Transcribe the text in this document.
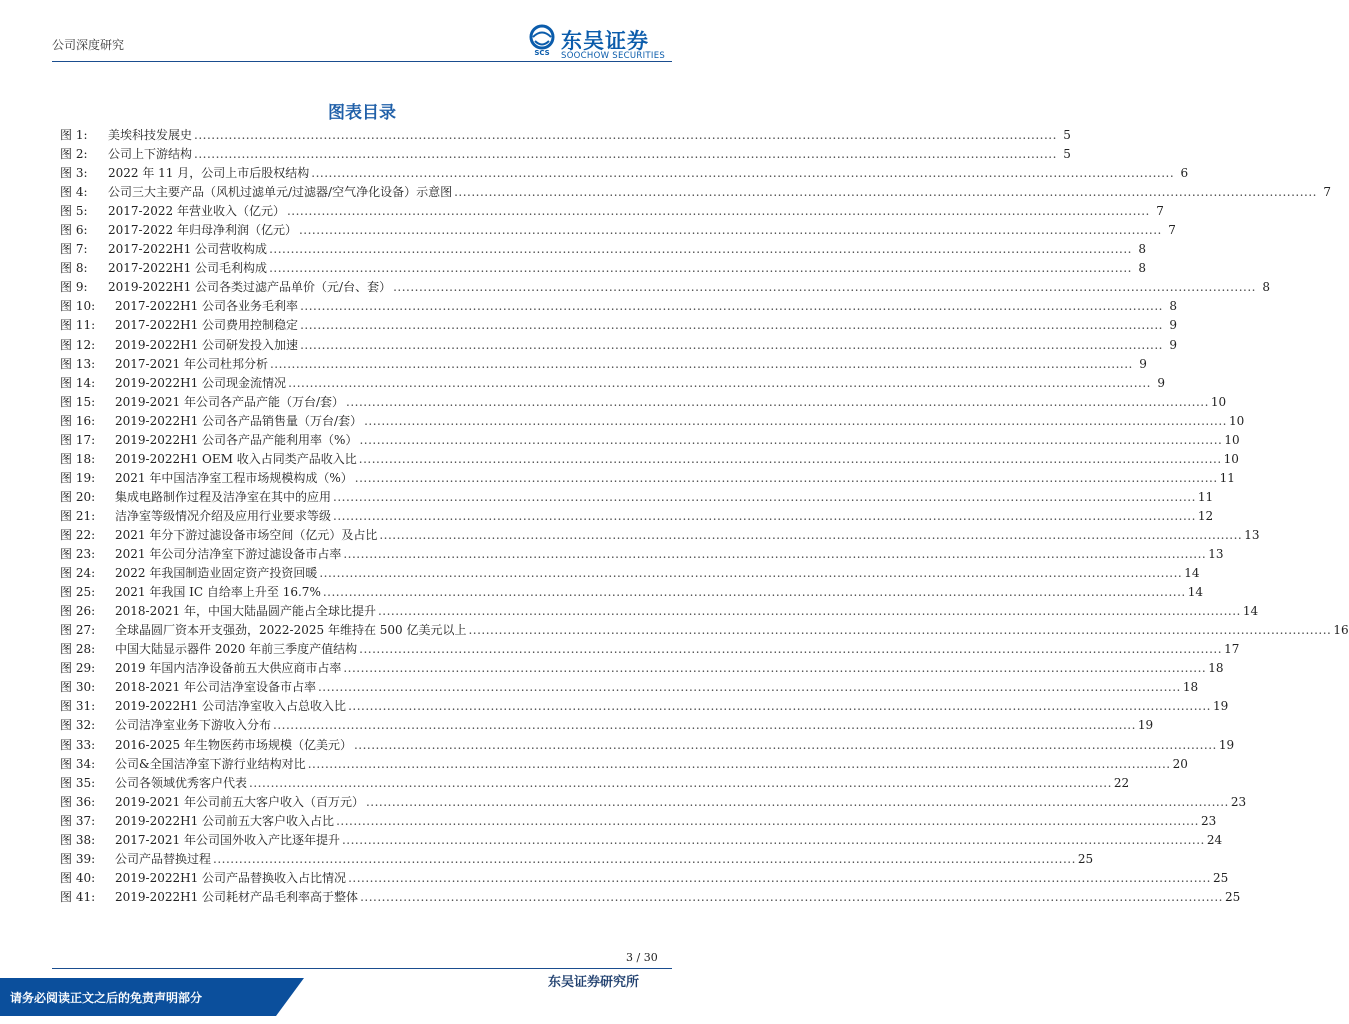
公司深度研究
SCS 东吴证券
SOOCHOW SECURITIES
图表目录
图 1: 美埃科技发展史 ........................................................................................................................................................................................................ 5
图 2: 公司上下游结构 ........................................................................................................................................................................................................ 5
图 3: 2022 年 11 月，公司上市后股权结构 ........................................................................................................................................................................................................ 6
图 4: 公司三大主要产品（风机过滤单元/过滤器/空气净化设备）示意图 ........................................................................................................................................................................................................ 7
图 5: 2017-2022 年营业收入（亿元） ........................................................................................................................................................................................................ 7
图 6: 2017-2022 年归母净利润（亿元） ........................................................................................................................................................................................................ 7
图 7: 2017-2022H1 公司营收构成 ........................................................................................................................................................................................................ 8
图 8: 2017-2022H1 公司毛利构成 ........................................................................................................................................................................................................ 8
图 9: 2019-2022H1 公司各类过滤产品单价（元/台、套） ........................................................................................................................................................................................................ 8
图 10: 2017-2022H1 公司各业务毛利率 ........................................................................................................................................................................................................ 8
图 11: 2017-2022H1 公司费用控制稳定 ........................................................................................................................................................................................................ 9
图 12: 2019-2022H1 公司研发投入加速 ........................................................................................................................................................................................................ 9
图 13: 2017-2021 年公司杜邦分析 ........................................................................................................................................................................................................ 9
图 14: 2019-2022H1 公司现金流情况 ........................................................................................................................................................................................................ 9
图 15: 2019-2021 年公司各产品产能（万台/套） ........................................................................................................................................................................................................ 10
图 16: 2019-2022H1 公司各产品销售量（万台/套） ........................................................................................................................................................................................................ 10
图 17: 2019-2022H1 公司各产品产能利用率（%） ........................................................................................................................................................................................................ 10
图 18: 2019-2022H1 OEM 收入占同类产品收入比 ........................................................................................................................................................................................................ 10
图 19: 2021 年中国洁净室工程市场规模构成（%） ........................................................................................................................................................................................................ 11
图 20: 集成电路制作过程及洁净室在其中的应用 ........................................................................................................................................................................................................ 11
图 21: 洁净室等级情况介绍及应用行业要求等级 ........................................................................................................................................................................................................ 12
图 22: 2021 年分下游过滤设备市场空间（亿元）及占比 ........................................................................................................................................................................................................ 13
图 23: 2021 年公司分洁净室下游过滤设备市占率 ........................................................................................................................................................................................................ 13
图 24: 2022 年我国制造业固定资产投资回暖 ........................................................................................................................................................................................................ 14
图 25: 2021 年我国 IC 自给率上升至 16.7% ........................................................................................................................................................................................................ 14
图 26: 2018-2021 年，中国大陆晶圆产能占全球比提升 ........................................................................................................................................................................................................ 14
图 27: 全球晶圆厂资本开支强劲，2022-2025 年维持在 500 亿美元以上 ........................................................................................................................................................................................................ 16
图 28: 中国大陆显示器件 2020 年前三季度产值结构 ........................................................................................................................................................................................................ 17
图 29: 2019 年国内洁净设备前五大供应商市占率 ........................................................................................................................................................................................................ 18
图 30: 2018-2021 年公司洁净室设备市占率 ........................................................................................................................................................................................................ 18
图 31: 2019-2022H1 公司洁净室收入占总收入比 ........................................................................................................................................................................................................ 19
图 32: 公司洁净室业务下游收入分布 ........................................................................................................................................................................................................ 19
图 33: 2016-2025 年生物医药市场规模（亿美元） ........................................................................................................................................................................................................ 19
图 34: 公司&全国洁净室下游行业结构对比 ........................................................................................................................................................................................................ 20
图 35: 公司各领域优秀客户代表 ........................................................................................................................................................................................................ 22
图 36: 2019-2021 年公司前五大客户收入（百万元） ........................................................................................................................................................................................................ 23
图 37: 2019-2022H1 公司前五大客户收入占比 ........................................................................................................................................................................................................ 23
图 38: 2017-2021 年公司国外收入产比逐年提升 ........................................................................................................................................................................................................ 24
图 39: 公司产品替换过程 ........................................................................................................................................................................................................ 25
图 40: 2019-2022H1 公司产品替换收入占比情况 ........................................................................................................................................................................................................ 25
图 41: 2019-2022H1 公司耗材产品毛利率高于整体 ........................................................................................................................................................................................................ 25
3 / 30
请务必阅读正文之后的免责声明部分
东吴证券研究所
